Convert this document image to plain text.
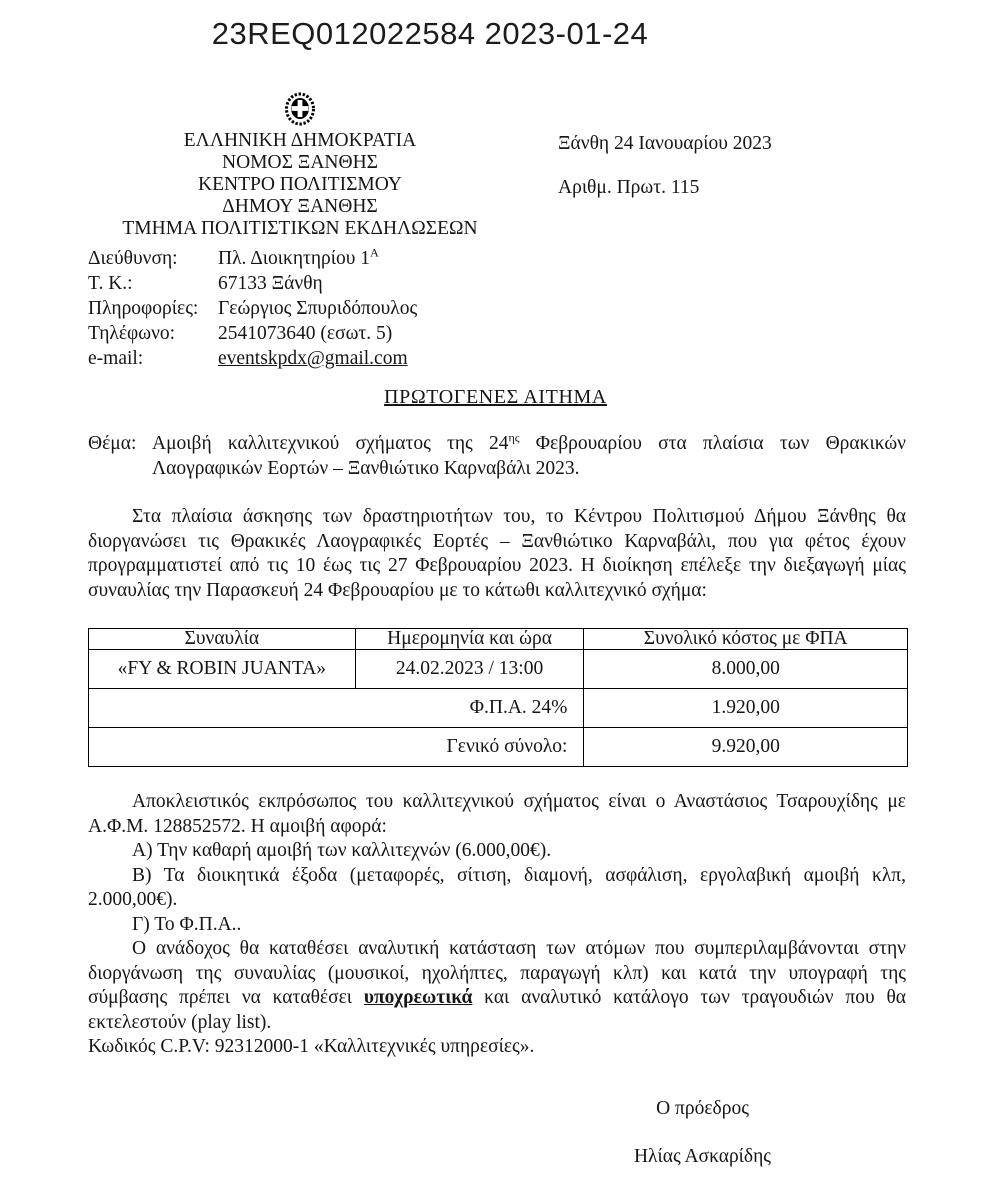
23REQ012022584 2023-01-24
ΕΛΛΗΝΙΚΗ ΔΗΜΟΚΡΑΤΙΑ
ΝΟΜΟΣ ΞΑΝΘΗΣ
ΚΕΝΤΡΟ ΠΟΛΙΤΙΣΜΟΥ
ΔΗΜΟΥ ΞΑΝΘΗΣ
ΤΜΗΜΑ ΠΟΛΙΤΙΣΤΙΚΩΝ ΕΚΔΗΛΩΣΕΩΝ
Ξάνθη 24 Ιανουαρίου 2023
Αριθμ. Πρωτ. 115
Διεύθυνση:	Πλ. Διοικητηρίου $1^A$
Τ. Κ.:	67133 Ξάνθη
Πληροφορίες:	Γεώργιος Σπυριδόπουλος
Τηλέφωνο:	2541073640 (εσωτ. 5)
e-mail:	eventskpdx@gmail.com
ΠΡΩΤΟΓΕΝΕΣ ΑΙΤΗΜΑ
Θέμα: Αμοιβή καλλιτεχνικού σχήματος της $24^{\eta\varsigma}$ Φεβρουαρίου στα πλαίσια των Θρακικών Λαογραφικών Εορτών – Ξανθιώτικο Καρναβάλι 2023.

Στα πλαίσια άσκησης των δραστηριοτήτων του, το Κέντρου Πολιτισμού Δήμου Ξάνθης θα διοργανώσει τις Θρακικές Λαογραφικές Εορτές – Ξανθιώτικο Καρναβάλι, που για φέτος έχουν προγραμματιστεί από τις 10 έως τις 27 Φεβρουαρίου 2023. Η διοίκηση επέλεξε την διεξαγωγή μίας συναυλίας την Παρασκευή 24 Φεβρουαρίου με το κάτωθι καλλιτεχνικό σχήμα:

Συναυλία	Ημερομηνία και ώρα	Συνολικό κόστος με ΦΠΑ
«FY & ROBIN JUANTA»	24.02.2023 / 13:00	8.000,00
Φ.Π.Α. 24%		1.920,00
Γενικό σύνολο:		9.920,00

Αποκλειστικός εκπρόσωπος του καλλιτεχνικού σχήματος είναι ο Αναστάσιος Τσαρουχίδης με Α.Φ.Μ. 128852572. Η αμοιβή αφορά:

Α) Την καθαρή αμοιβή των καλλιτεχνών (6.000,00€).

Β) Τα διοικητικά έξοδα (μεταφορές, σίτιση, διαμονή, ασφάλιση, εργολαβική αμοιβή κλπ, 2.000,00€).

Γ) Το Φ.Π.Α..

Ο ανάδοχος θα καταθέσει αναλυτική κατάσταση των ατόμων που συμπεριλαμβάνονται στην διοργάνωση της συναυλίας (μουσικοί, ηχολήπτες, παραγωγή κλπ) και κατά την υπογραφή της σύμβασης πρέπει να καταθέσει υποχρεωτικά και αναλυτικό κατάλογο των τραγουδιών που θα εκτελεστούν (play list).

Κωδικός C.P.V: 92312000-1 «Καλλιτεχνικές υπηρεσίες».

Ο πρόεδρος
Ηλίας Ασκαρίδης
